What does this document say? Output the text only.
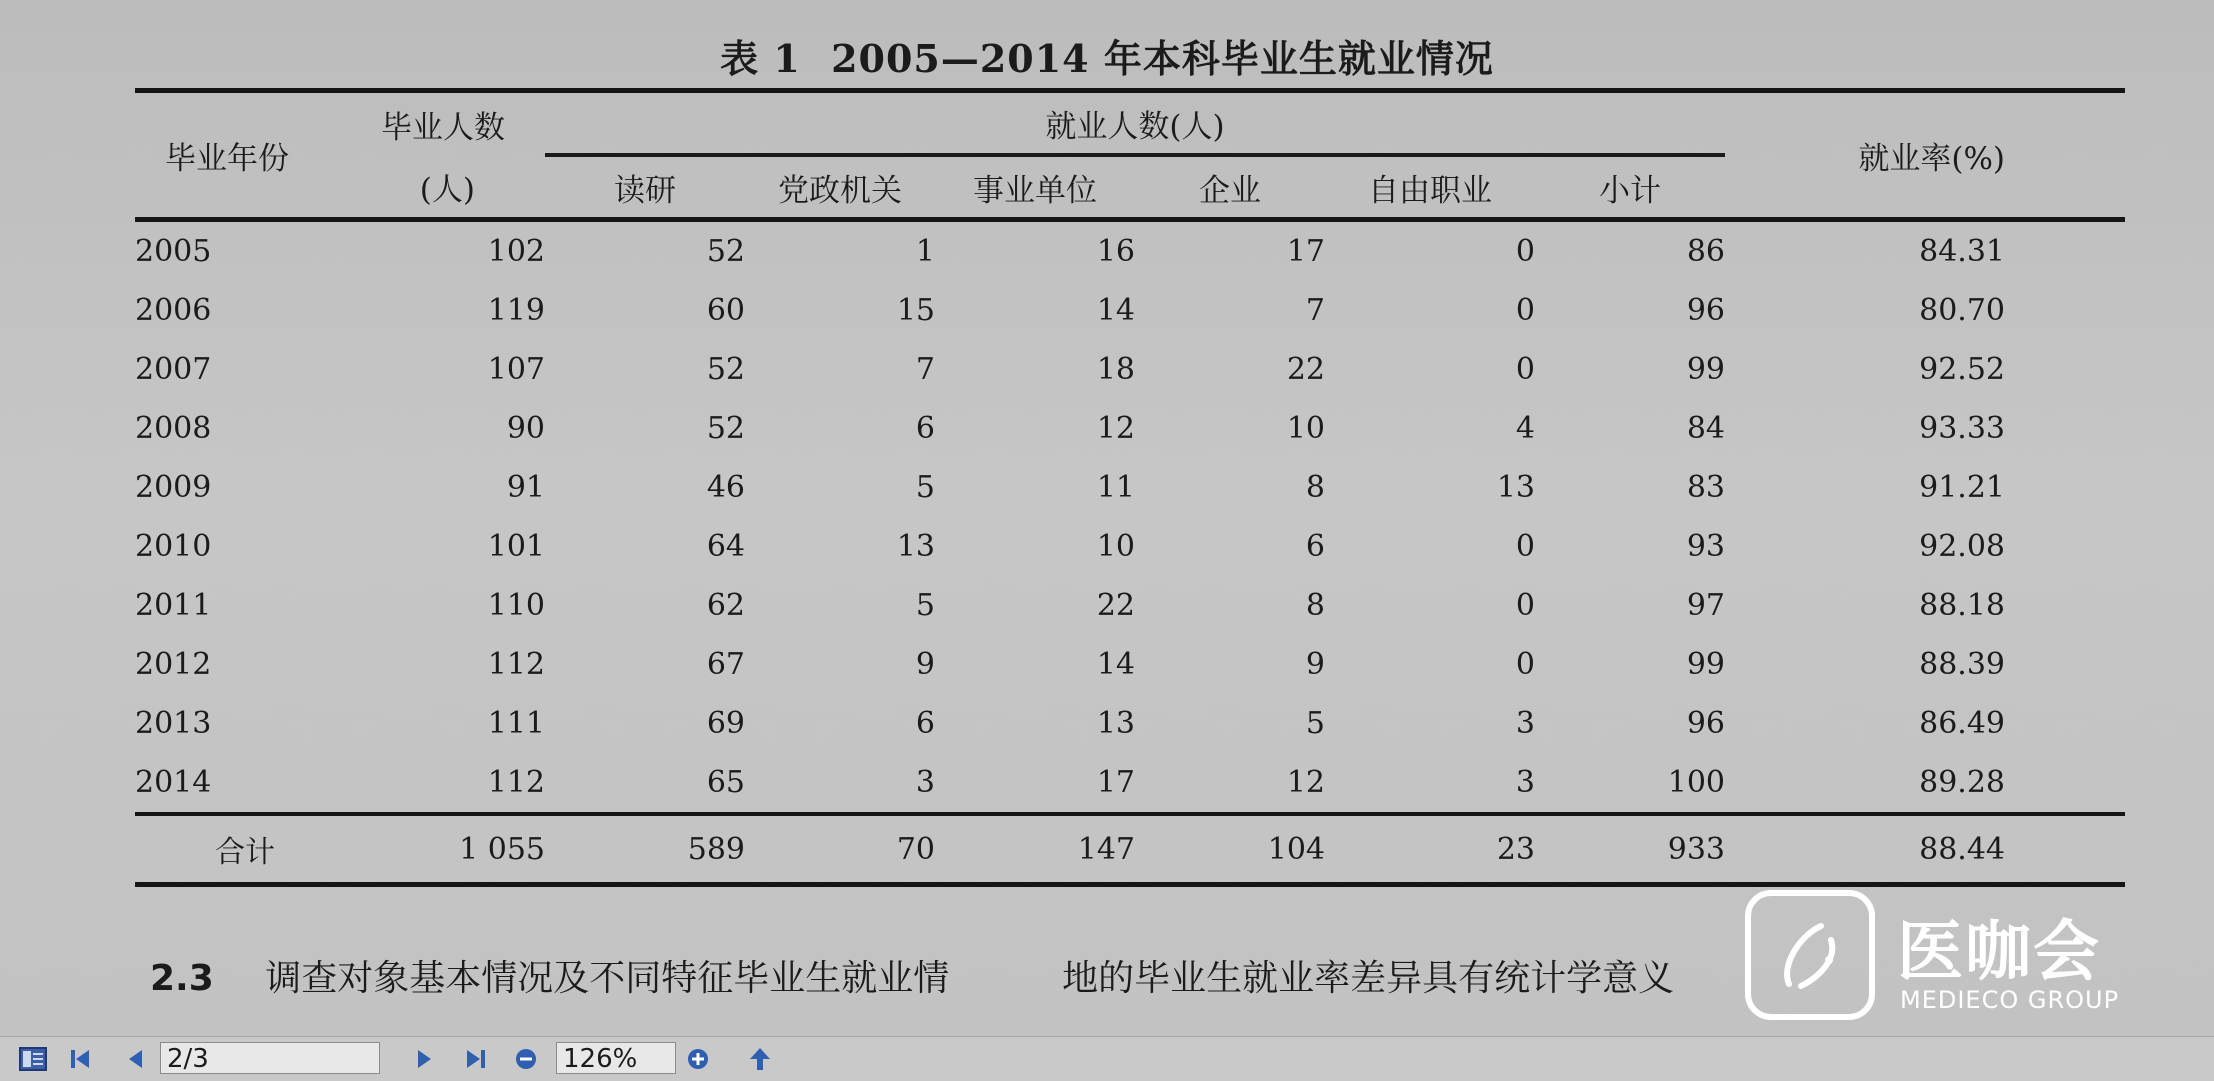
表 1 2005—2014 年本科毕业生就业情况
毕业年份	毕业人数	就业人数(人)						就业率(%)
	(人)	读研	党政机关	事业单位	企业	自由职业	小计	
2005	102	52	1	16	17	0	86	84.31
2006	119	60	15	14	7	0	96	80.70
2007	107	52	7	18	22	0	99	92.52
2008	90	52	6	12	10	4	84	93.33
2009	91	46	5	11	8	13	83	91.21
2010	101	64	13	10	6	0	93	92.08
2011	110	62	5	22	8	0	97	88.18
2012	112	67	9	14	9	0	99	88.39
2013	111	69	6	13	5	3	96	86.49
2014	112	65	3	17	12	3	100	89.28
合计	1 055	589	70	147	104	23	933	88.44
2.3 调查对象基本情况及不同特征毕业生就业情	地的毕业生就业率差异具有统计学意义	医咖会
MEDIECO GROUP
2/3	126%
